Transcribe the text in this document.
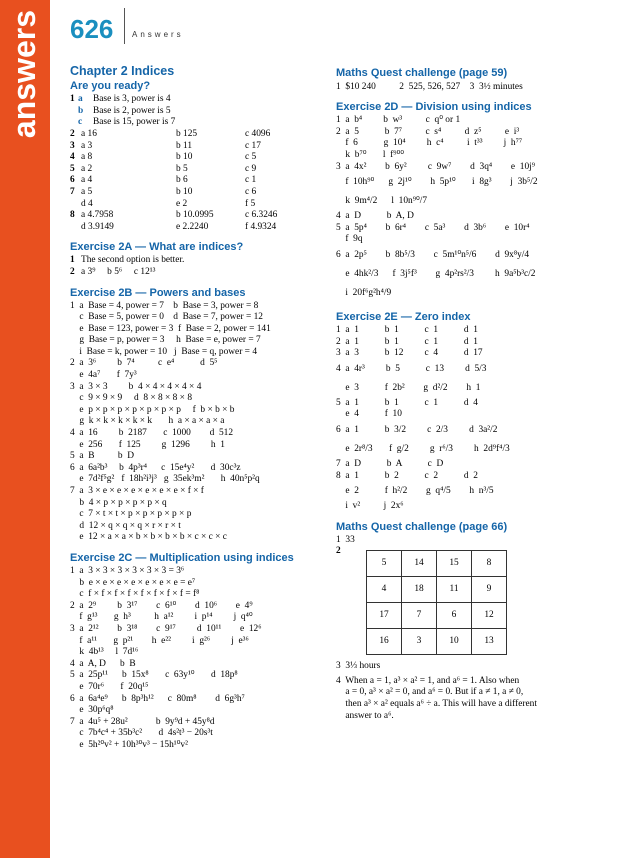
answers 626 Answers
Chapter 2 Indices
Are you ready?
1 a	Base is 3, power is 4
b	Base is 2, power is 5
c	Base is 15, power is 7
2 a 16	b 125	c 4096
3 a 3	b 11	c 17
4 a 8	b 10	c 5
5 a 2	b 5	c 9
6 a 4	b 6	c 1
7 a 5	b 10	c 6
d 4	e 2	f 5
8 a 4.7958	b 10.0995	c 6.3246
d 3.9149	e 2.2240	f 4.9324
Exercise 2A — What are indices?
1 The second option is better.
2 a 3⁹     b 5⁶     c 12¹³
Exercise 2B — Powers and bases
1  a  Base = 4, power = 7    b  Base = 3, power = 8
c  Base = 5, power = 0    d  Base = 7, power = 12
e  Base = 123, power = 3  f  Base = 2, power = 141
g  Base = p, power = 3     h  Base = e, power = 7
i  Base = k, power = 10   j  Base = q, power = 4
2  a  3⁶         b  7⁴          c  e⁴           d  5⁵
e  4a⁷       f  7y³
3  a  3 × 3         b  4 × 4 × 4 × 4 × 4
c  9 × 9 × 9     d  8 × 8 × 8 × 8
e  p × p × p × p × p × p × p     f  b × b × b
g  k × k × k × k × k       h  a × a × a × a
4  a  16         b  2187       c  1000        d  512
e  256       f  125         g  1296         h  1
5  a  B          b  D
6  a  6a²b³     b  4p³r⁴      c  15e⁴y²       d  30c³z
e  7d²f⁵g²   f  18h²i³j³   g  35ek³m²       h  40n⁵p²q
7  a  3 × e × e × e × e × e × e × f × f
b  4 × p × p × p × p × q
c  7 × t × t × p × p × p × p × p
d  12 × q × q × q × r × r × t
e  12 × a × a × b × b × b × b × c × c × c
Exercise 2C — Multiplication using indices
1  a  3 × 3 × 3 × 3 × 3 × 3 = 3⁶
b  e × e × e × e × e × e × e = e⁷
c  f × f × f × f × f × f × f × f = f⁸
2  a  2⁹         b  3¹⁷        c  6¹⁰        d  10⁶        e  4⁹
f  g¹³       g  h³          h  a¹²         i  p¹⁴         j  q⁴⁰
3  a  2¹²        b  3¹⁸        c  9¹⁷         d  10¹¹        e  12⁶
f  a¹¹       g  p²¹        h  e²²         i  g²⁶         j  e³⁶
k  4b¹³     l  7d¹⁶
4  a  A, D      b  B
5  a  25p¹¹      b  15x⁸       c  63y¹⁰       d  18p⁸
e  70r⁶       f  20q¹⁵
6  a  6a⁴e⁹      b  8p³h¹²      c  80m⁸        d  6g³h⁷
e  30p⁶q⁸
7  a  4u⁵ + 28u²            b  9y⁹d + 45y⁸d
c  7b⁴c⁴ + 35b³c²       d  4s²t³ − 20s³t
e  5h²⁰v² + 10h³⁰v³ − 15h¹⁰v²
Maths Quest challenge (page 59)
1  $10 240          2  525, 526, 527    3  3½ minutes
Exercise 2D — Division using indices
1  a  b⁴         b  w³          c  q⁰ or 1
2  a  5           b  7⁷          c  s⁴          d  z⁵          e  i³
f  6           g  10⁴         h  c⁴          i  t³³         j  h⁷⁷
k  b⁷⁰       l  f⁹⁰⁰
3  a  4x²        b  6y²         c  9w⁷        d  3q⁴        e  10j⁹
f  10h⁹⁰      g  2j¹⁰        h  5p¹⁰       i  8g³        j  3b⁵/2
k  9m⁴/2      l  10n⁹⁰/7
4  a  D           b  A, D
5  a  5p⁴        b  6r⁴        c  5a³        d  3b⁶        e  10r⁴
f  9q
6  a  2p⁵        b  8b⁵/3        c  5m¹⁰n⁵/6        d  9x⁸y/4
e  4hk²/3      f  3j⁵f³        g  4p²rs²/3         h  9a⁵b³c/2
i  20f⁶g²h⁴/9
Exercise 2E — Zero index
1  a  1           b  1           c  1           d  1
2  a  1           b  1           c  1           d  1
3  a  3           b  12         c  4           d  17
4  a  4r³         b  5           c  13         d  5/3
e  3           f  2b²        g  d²/2        h  1
5  a  1           b  1           c  1           d  4
e  4           f  10
6  a  1           b  3/2         c  2/3         d  3a²/2
e  2r⁸/3       f  g/2         g  r⁶/3         h  2d⁹f⁴/3
7  a  D           b  A           c  D
8  a  1           b  2           c  2           d  2
e  2           f  h²/2        g  q⁴/5        h  n³/5
i  v²          j  2x⁶
Maths Quest challenge (page 66)
1  33
2
5	14	15	8
4	18	11	9
17	7	6	12
16	3	10	13
3  3⅓ hours
4  When a = 1, a³ × a² = 1, and a⁶ = 1. Also when
a = 0, a³ × a² = 0, and a⁶ = 0. But if a ≠ 1, a ≠ 0,
then a³ × a² equals a⁶ ÷ a. This will have a different
answer to a⁶.
